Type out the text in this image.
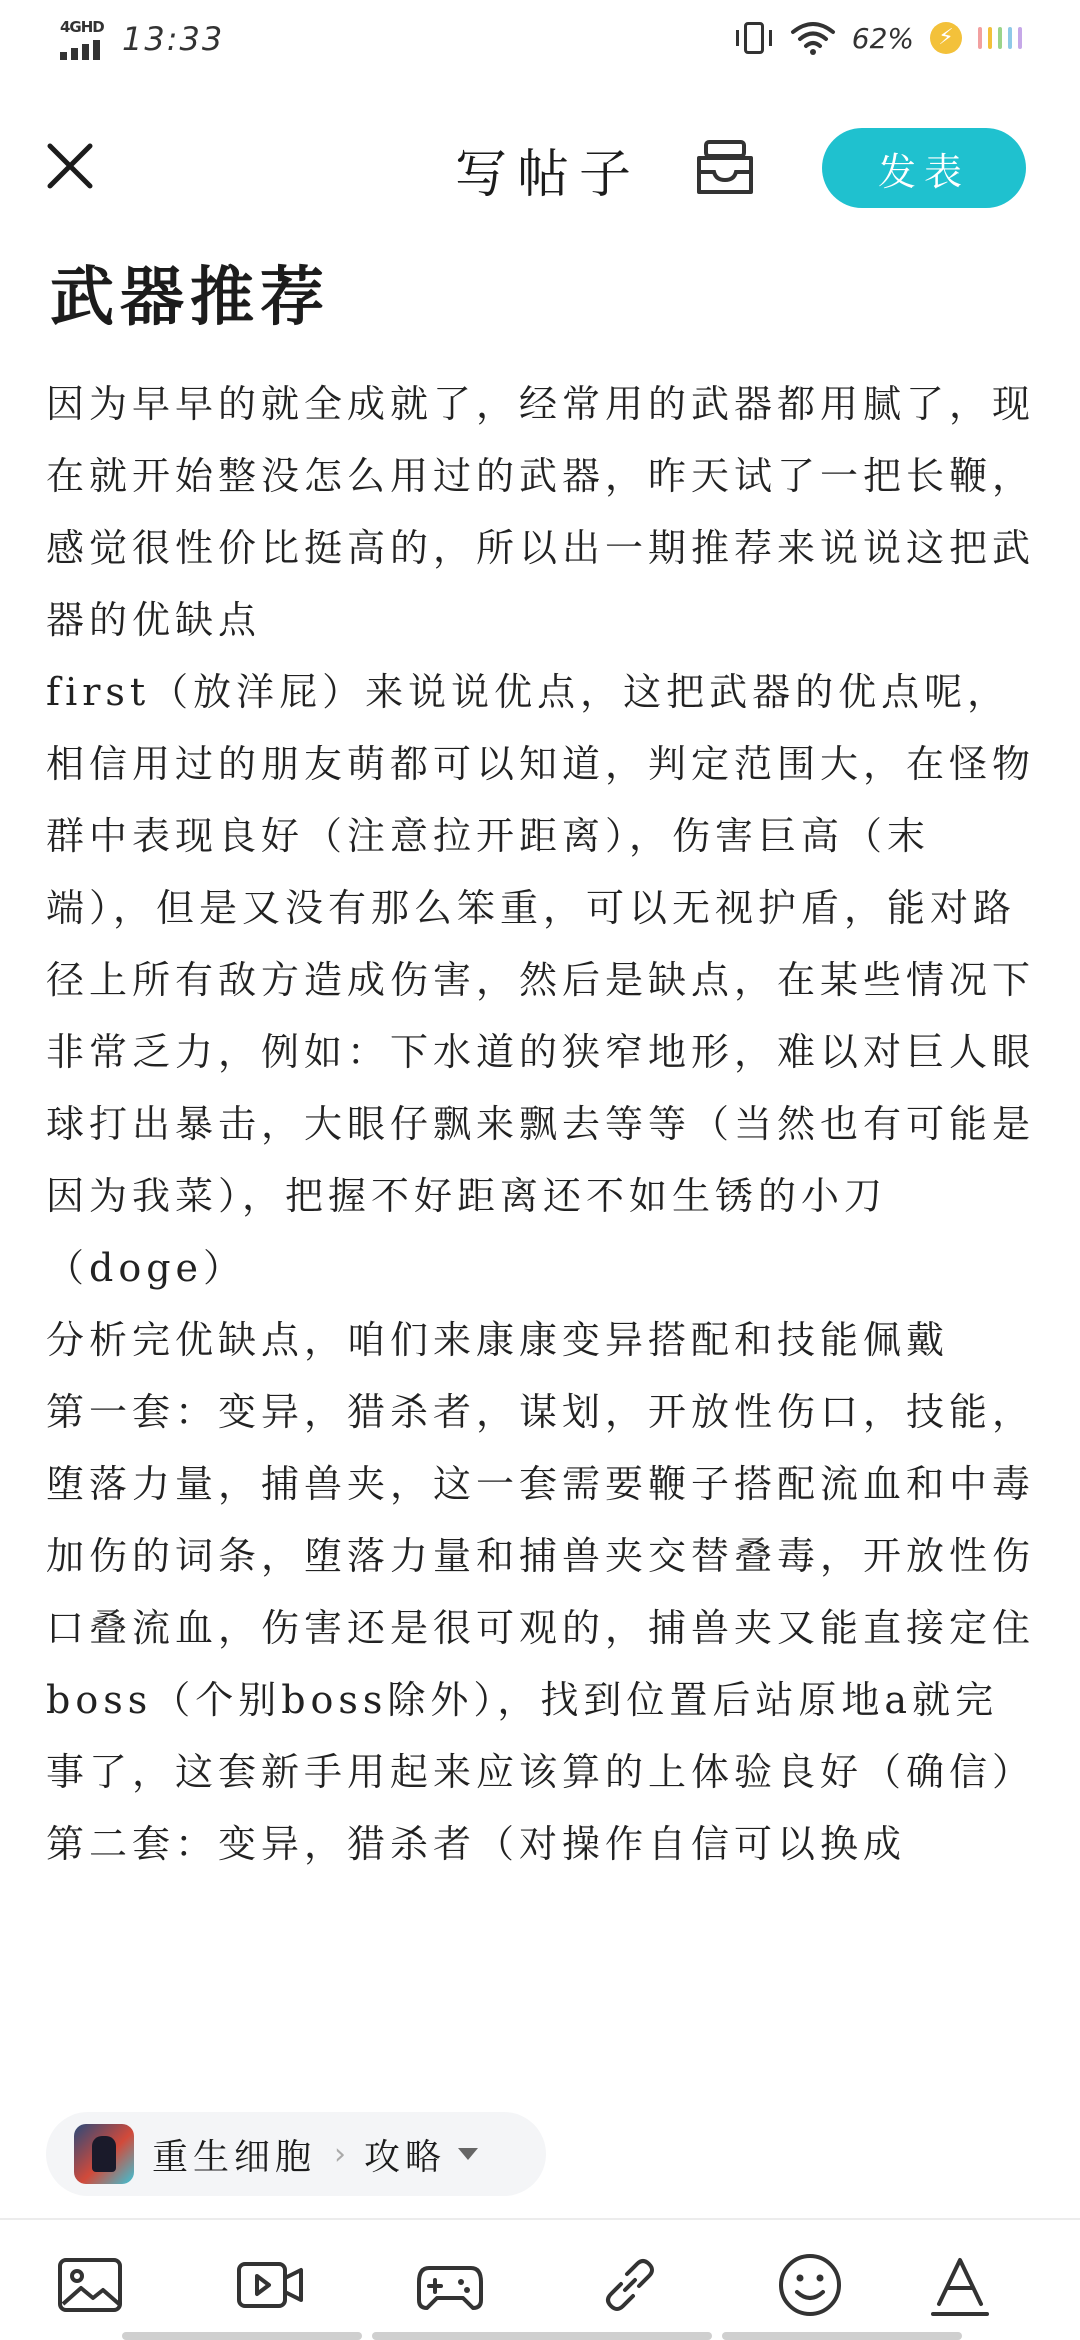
4GHD 13:33	62%	⚡
写帖子	发表
武器推荐

因为早早的就全成就了，经常用的武器都用腻了，现在就开始整没怎么用过的武器，昨天试了一把长鞭，感觉很性价比挺高的，所以出一期推荐来说说这把武器的优缺点

first（放洋屁）来说说优点，这把武器的优点呢，相信用过的朋友萌都可以知道，判定范围大，在怪物群中表现良好（注意拉开距离），伤害巨高（末端），但是又没有那么笨重，可以无视护盾，能对路径上所有敌方造成伤害，然后是缺点，在某些情况下非常乏力，例如：下水道的狭窄地形，难以对巨人眼球打出暴击，大眼仔飘来飘去等等（当然也有可能是因为我菜），把握不好距离还不如生锈的小刀（doge）

分析完优缺点，咱们来康康变异搭配和技能佩戴

第一套：变异，猎杀者，谋划，开放性伤口，技能，堕落力量，捕兽夹，这一套需要鞭子搭配流血和中毒加伤的词条，堕落力量和捕兽夹交替叠毒，开放性伤口叠流血，伤害还是很可观的，捕兽夹又能直接定住boss（个别boss除外），找到位置后站原地a就完事了，这套新手用起来应该算的上体验良好（确信）

第二套：变异，猎杀者（对操作自信可以换成

重生细胞 › 攻略
